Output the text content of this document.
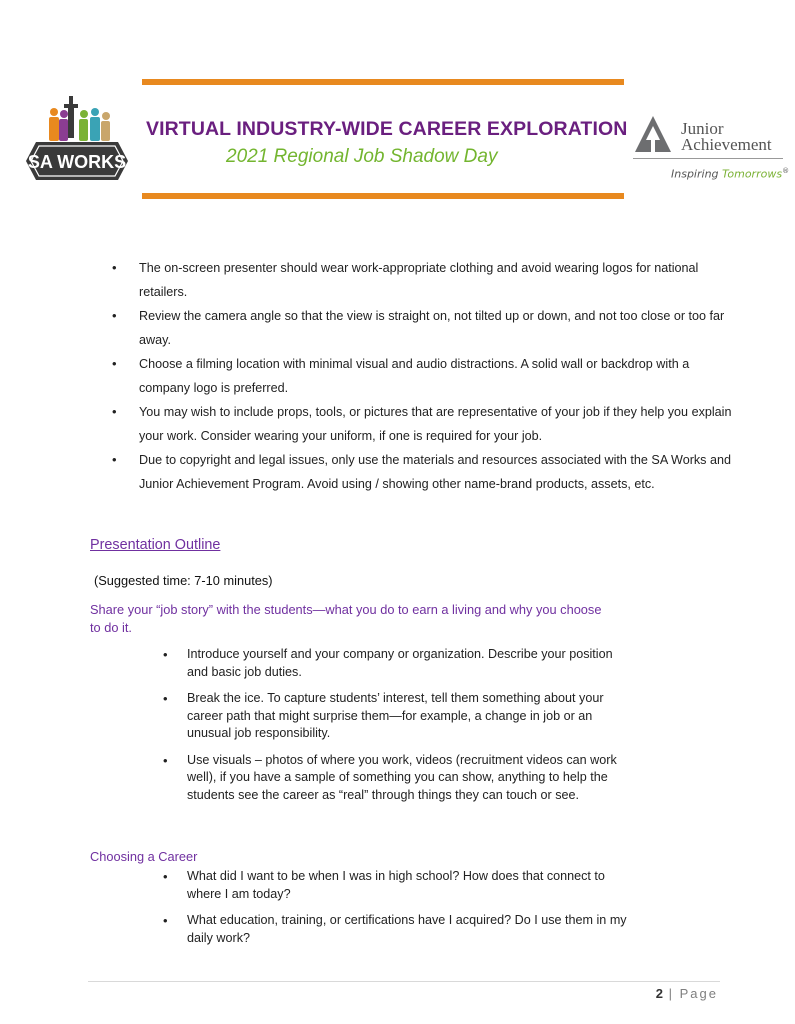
SA WORKS
VIRTUAL INDUSTRY-WIDE CAREER EXPLORATION
2021 Regional Job Shadow Day
Junior
Achievement
Inspiring Tomorrows®
• The on-screen presenter should wear work-appropriate clothing and avoid wearing logos for national retailers.
• Review the camera angle so that the view is straight on, not tilted up or down, and not too close or too far away.
• Choose a filming location with minimal visual and audio distractions. A solid wall or backdrop with a company logo is preferred.
• You may wish to include props, tools, or pictures that are representative of your job if they help you explain your work. Consider wearing your uniform, if one is required for your job.
• Due to copyright and legal issues, only use the materials and resources associated with the SA Works and Junior Achievement Program. Avoid using / showing other name-brand products, assets, etc.
Presentation Outline
(Suggested time: 7-10 minutes)
Share your “job story” with the students—what you do to earn a living and why you choose to do it.
• Introduce yourself and your company or organization. Describe your position and basic job duties.
• Break the ice. To capture students’ interest, tell them something about your career path that might surprise them—for example, a change in job or an unusual job responsibility.
• Use visuals – photos of where you work, videos (recruitment videos can work well), if you have a sample of something you can show, anything to help the students see the career as “real” through things they can touch or see.
Choosing a Career
• What did I want to be when I was in high school? How does that connect to where I am today?
• What education, training, or certifications have I acquired? Do I use them in my daily work?
2 | Page
